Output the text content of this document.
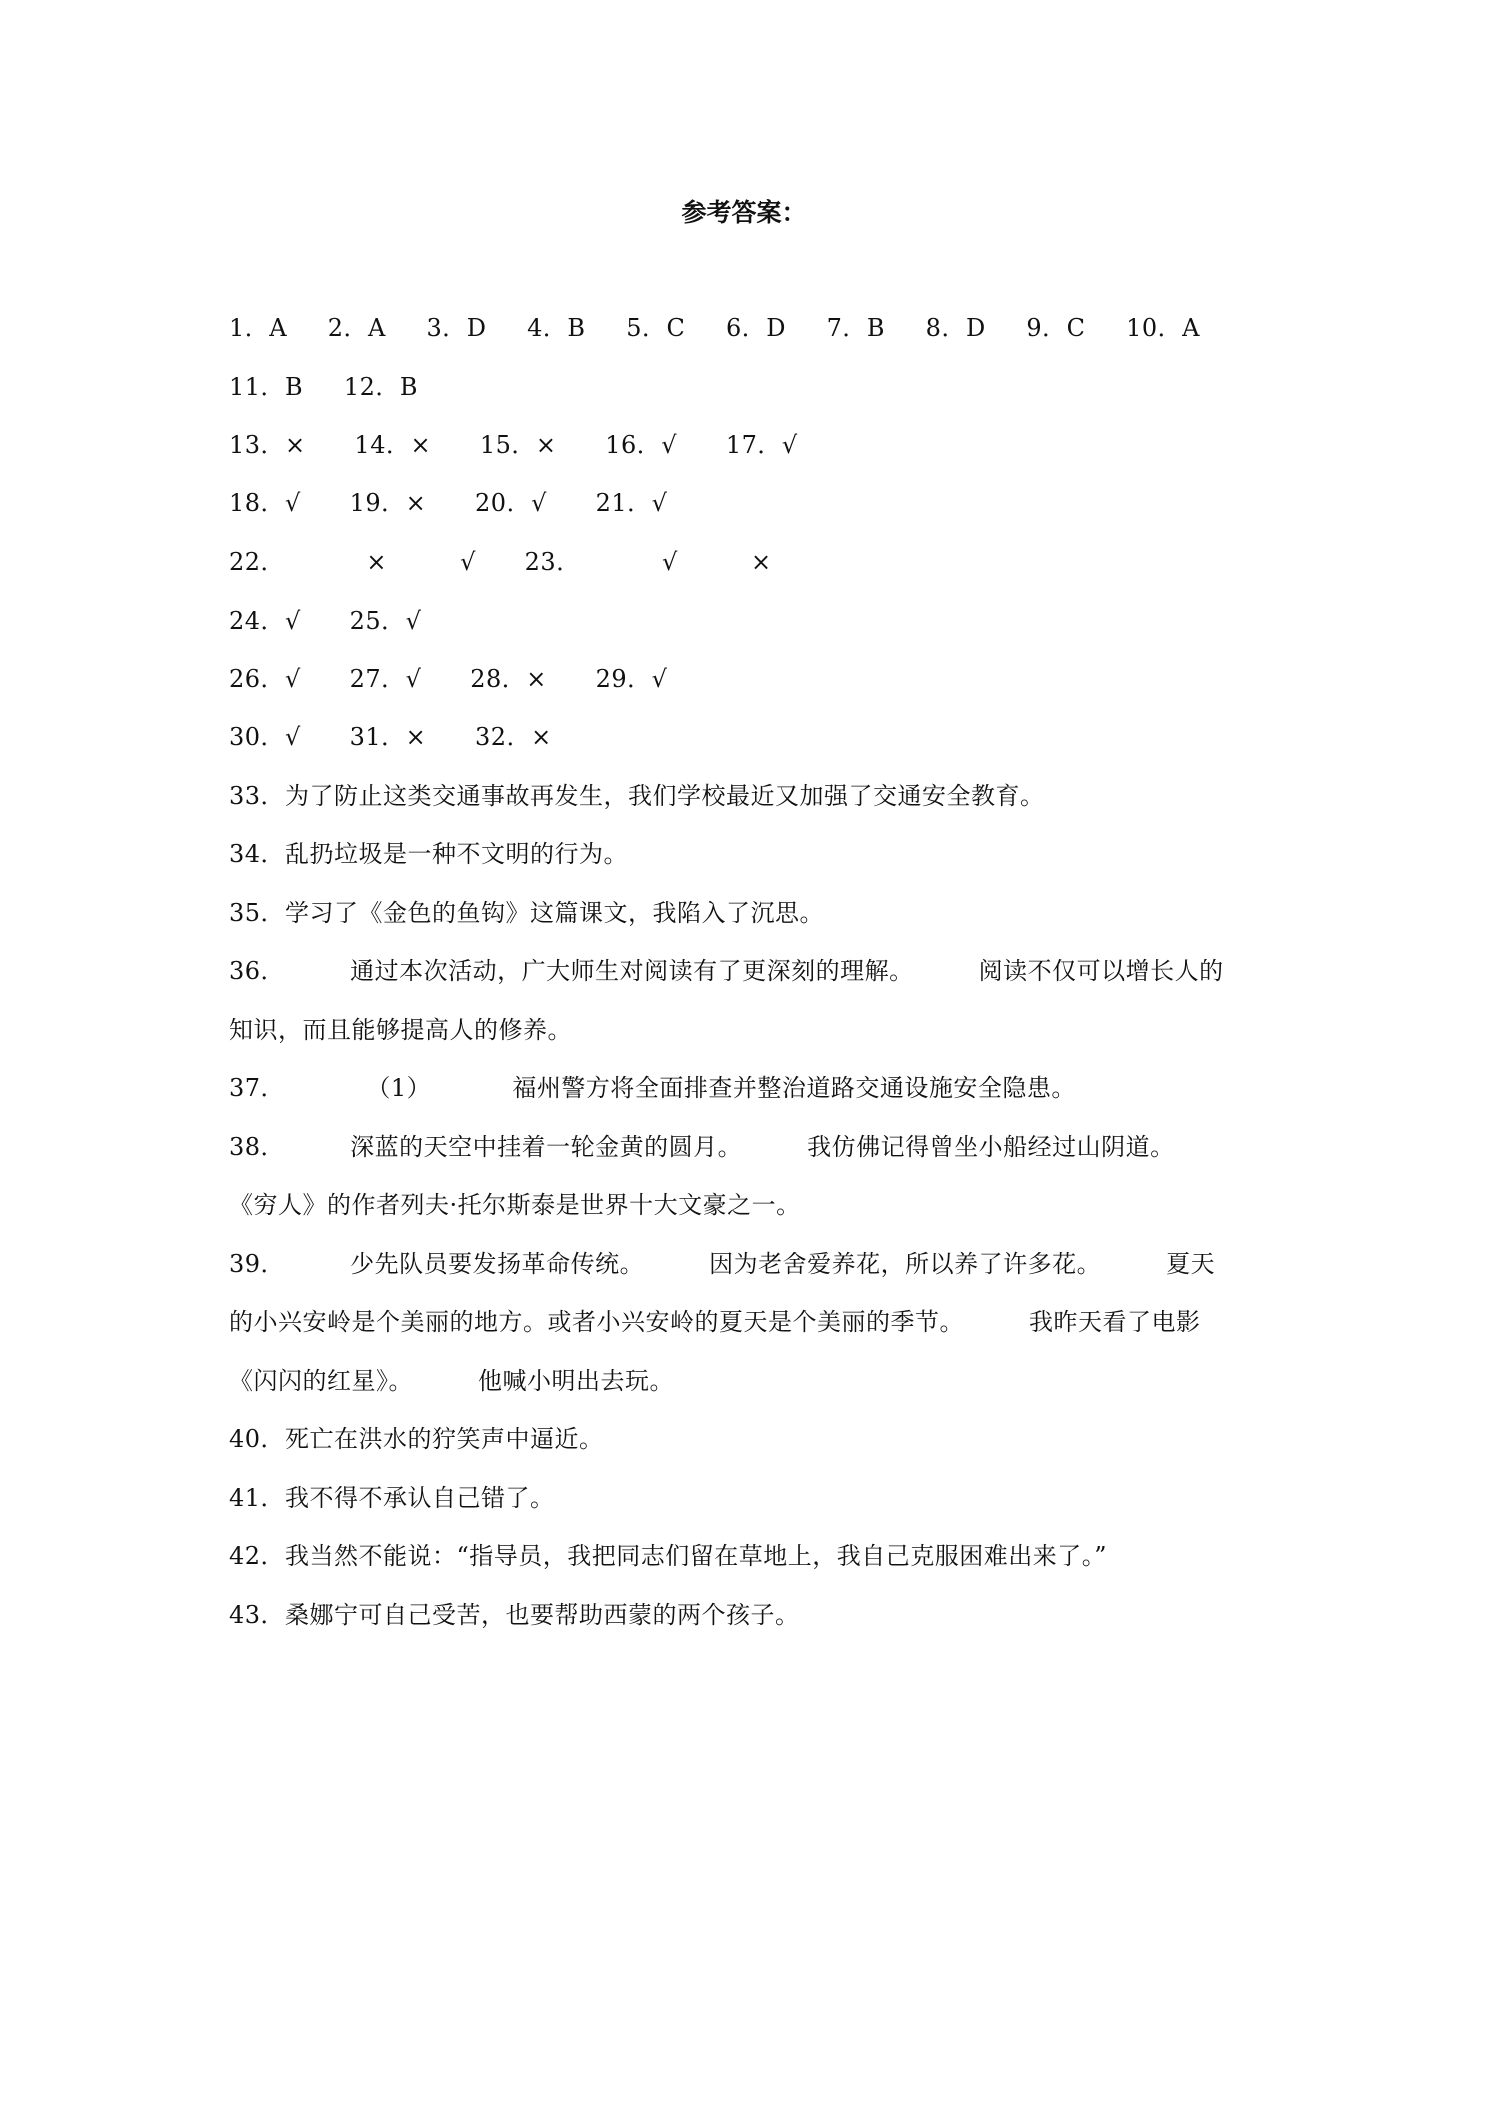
参考答案：
1．A     2．A     3．D     4．B     5．C     6．D     7．B     8．D     9．C     10．A
11．B     12．B
13．×      14．×      15．×      16．√      17．√
18．√      19．×      20．√      21．√
22．          ×         √      23．          √         ×
24．√      25．√
26．√      27．√      28．×      29．√
30．√      31．×      32．×
33．为了防止这类交通事故再发生，我们学校最近又加强了交通安全教育。
34．乱扔垃圾是一种不文明的行为。
35．学习了《金色的鱼钩》这篇课文，我陷入了沉思。
36．        通过本次活动，广大师生对阅读有了更深刻的理解。        阅读不仅可以增长人的
知识，而且能够提高人的修养。
37．          （1）          福州警方将全面排查并整治道路交通设施安全隐患。
38．        深蓝的天空中挂着一轮金黄的圆月。        我仿佛记得曾坐小船经过山阴道。
《穷人》的作者列夫·托尔斯泰是世界十大文豪之一。
39．        少先队员要发扬革命传统。        因为老舍爱养花，所以养了许多花。        夏天
的小兴安岭是个美丽的地方。或者小兴安岭的夏天是个美丽的季节。        我昨天看了电影
《闪闪的红星》。        他喊小明出去玩。
40．死亡在洪水的狞笑声中逼近。
41．我不得不承认自己错了。
42．我当然不能说：“指导员，我把同志们留在草地上，我自己克服困难出来了。”
43．桑娜宁可自己受苦，也要帮助西蒙的两个孩子。
